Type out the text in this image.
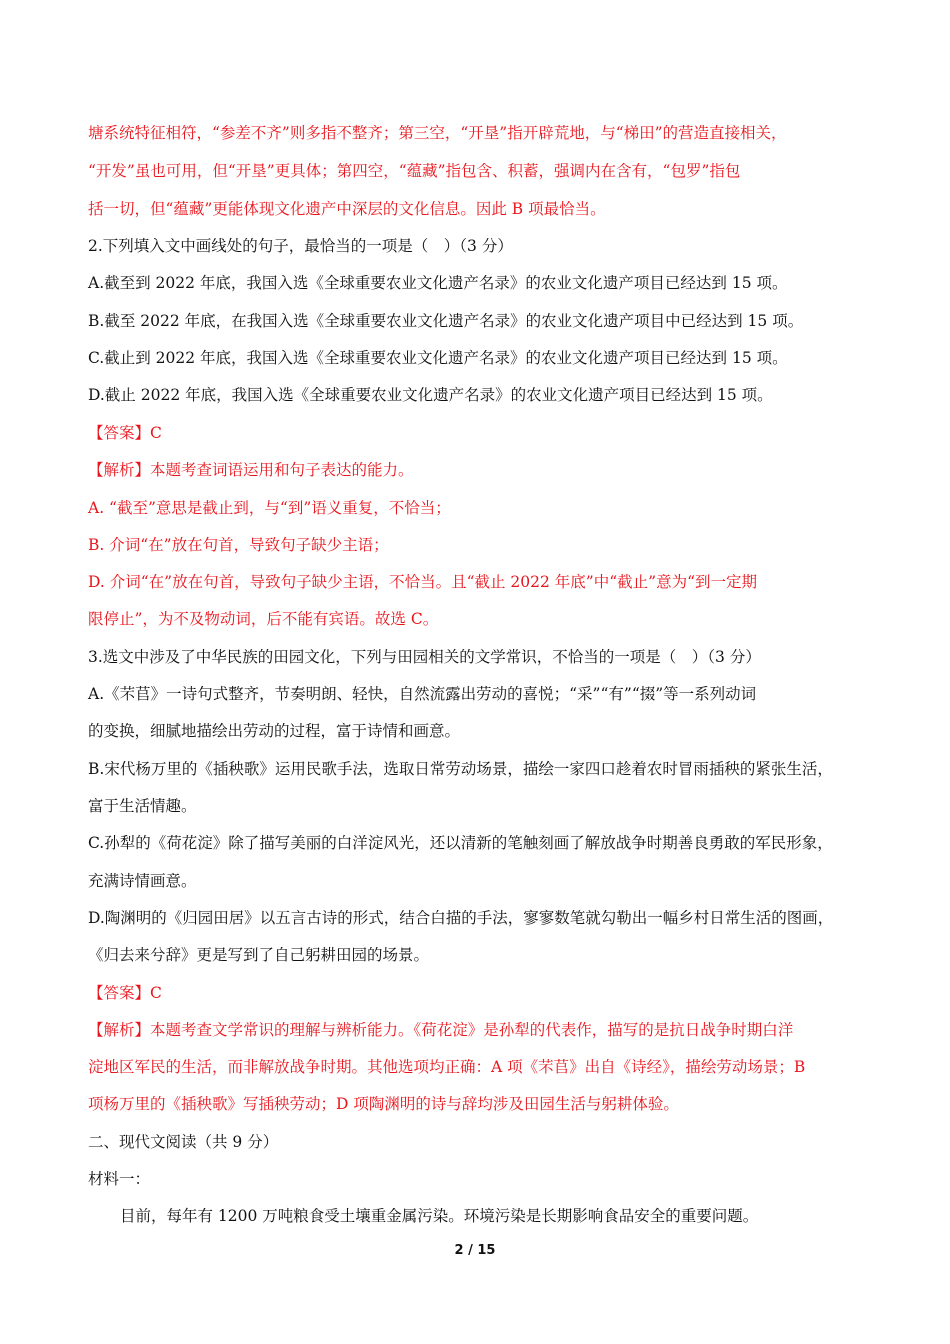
塘系统特征相符，“参差不齐”则多指不整齐；第三空，“开垦”指开辟荒地，与“梯田”的营造直接相关，
“开发”虽也可用，但“开垦”更具体；第四空，“蕴藏”指包含、积蓄，强调内在含有，“包罗”指包
括一切，但“蕴藏”更能体现文化遗产中深层的文化信息。因此 B 项最恰当。
2.下列填入文中画线处的句子，最恰当的一项是（　）（3 分）
A.截至到 2022 年底，我国入选《全球重要农业文化遗产名录》的农业文化遗产项目已经达到 15 项。
B.截至 2022 年底，在我国入选《全球重要农业文化遗产名录》的农业文化遗产项目中已经达到 15 项。
C.截止到 2022 年底，我国入选《全球重要农业文化遗产名录》的农业文化遗产项目已经达到 15 项。
D.截止 2022 年底，我国入选《全球重要农业文化遗产名录》的农业文化遗产项目已经达到 15 项。
【答案】C
【解析】本题考查词语运用和句子表达的能力。
A. “截至”意思是截止到，与“到”语义重复，不恰当；
B. 介词“在”放在句首，导致句子缺少主语；
D. 介词“在”放在句首，导致句子缺少主语，不恰当。且“截止 2022 年底”中“截止”意为“到一定期
限停止”，为不及物动词，后不能有宾语。故选 C。
3.选文中涉及了中华民族的田园文化，下列与田园相关的文学常识，不恰当的一项是（　）（3 分）
A.《芣苢》一诗句式整齐，节奏明朗、轻快，自然流露出劳动的喜悦；“采”“有”“掇”等一系列动词
的变换，细腻地描绘出劳动的过程，富于诗情和画意。
B.宋代杨万里的《插秧歌》运用民歌手法，选取日常劳动场景，描绘一家四口趁着农时冒雨插秧的紧张生活，
富于生活情趣。
C.孙犁的《荷花淀》除了描写美丽的白洋淀风光，还以清新的笔触刻画了解放战争时期善良勇敢的军民形象，
充满诗情画意。
D.陶渊明的《归园田居》以五言古诗的形式，结合白描的手法，寥寥数笔就勾勒出一幅乡村日常生活的图画，
《归去来兮辞》更是写到了自己躬耕田园的场景。
【答案】C
【解析】本题考查文学常识的理解与辨析能力。《荷花淀》是孙犁的代表作，描写的是抗日战争时期白洋
淀地区军民的生活，而非解放战争时期。其他选项均正确：A 项《芣苢》出自《诗经》，描绘劳动场景；B
项杨万里的《插秧歌》写插秧劳动；D 项陶渊明的诗与辞均涉及田园生活与躬耕体验。
二、现代文阅读（共 9 分）
材料一：
目前，每年有 1200 万吨粮食受土壤重金属污染。环境污染是长期影响食品安全的重要问题。
2 / 15
